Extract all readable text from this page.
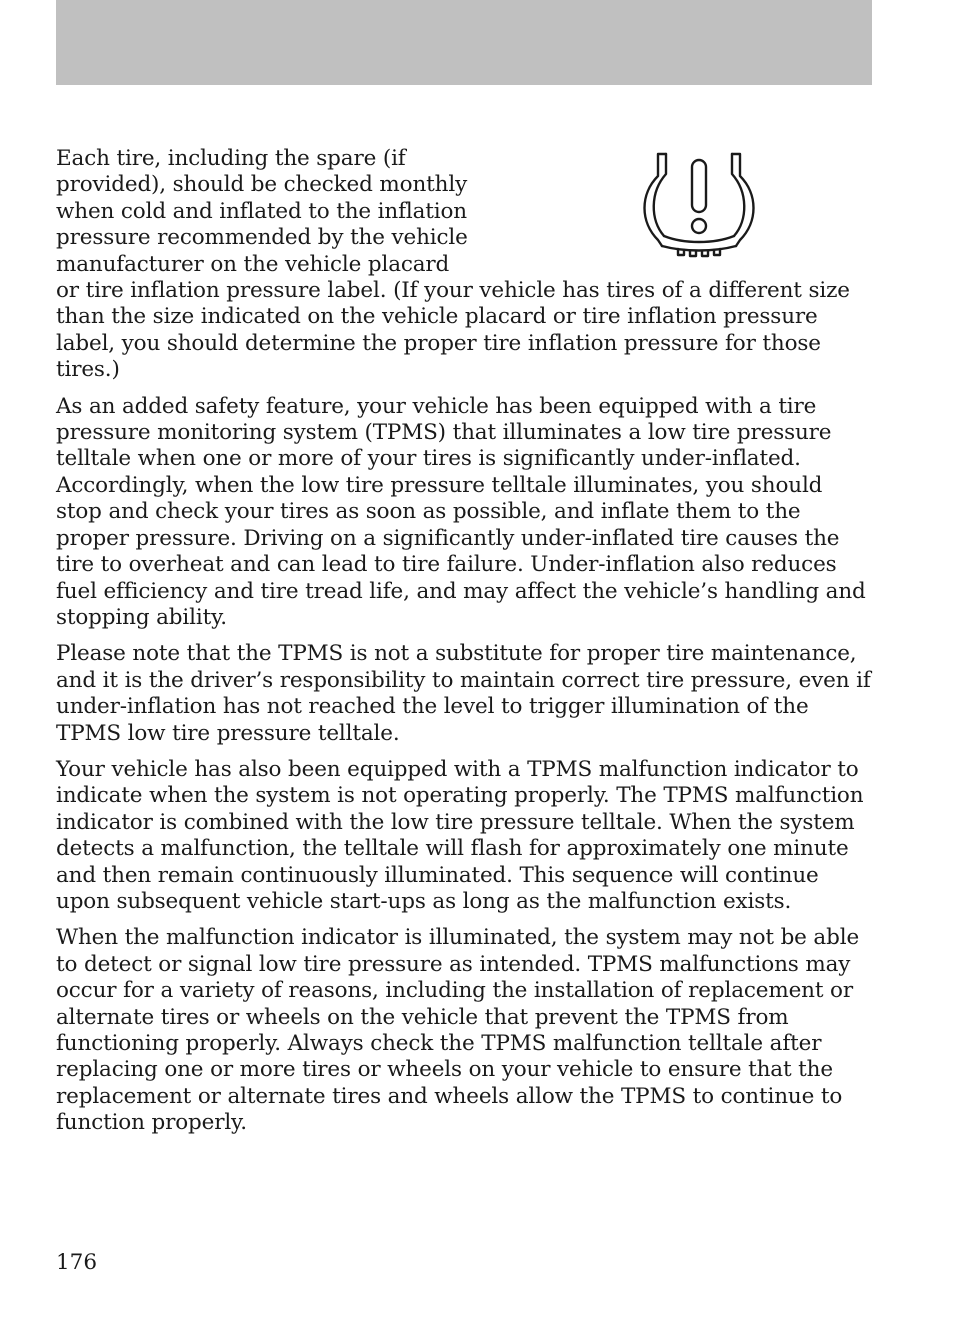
Each tire, including the spare (if provided), should be checked monthly when cold and inflated to the inflation pressure recommended by the vehicle manufacturer on the vehicle placard or tire inflation pressure label. (If your vehicle has tires of a different size than the size indicated on the vehicle placard or tire inflation pressure label, you should determine the proper tire inflation pressure for those tires.)

As an added safety feature, your vehicle has been equipped with a tire pressure monitoring system (TPMS) that illuminates a low tire pressure telltale when one or more of your tires is significantly under-inflated. Accordingly, when the low tire pressure telltale illuminates, you should stop and check your tires as soon as possible, and inflate them to the proper pressure. Driving on a significantly under-inflated tire causes the tire to overheat and can lead to tire failure. Under-inflation also reduces fuel efficiency and tire tread life, and may affect the vehicle’s handling and stopping ability.

Please note that the TPMS is not a substitute for proper tire maintenance, and it is the driver’s responsibility to maintain correct tire pressure, even if under-inflation has not reached the level to trigger illumination of the TPMS low tire pressure telltale.

Your vehicle has also been equipped with a TPMS malfunction indicator to indicate when the system is not operating properly. The TPMS malfunction indicator is combined with the low tire pressure telltale. When the system detects a malfunction, the telltale will flash for approximately one minute and then remain continuously illuminated. This sequence will continue upon subsequent vehicle start-ups as long as the malfunction exists.

When the malfunction indicator is illuminated, the system may not be able to detect or signal low tire pressure as intended. TPMS malfunctions may occur for a variety of reasons, including the installation of replacement or alternate tires or wheels on the vehicle that prevent the TPMS from functioning properly. Always check the TPMS malfunction telltale after replacing one or more tires or wheels on your vehicle to ensure that the replacement or alternate tires and wheels allow the TPMS to continue to function properly.

176
